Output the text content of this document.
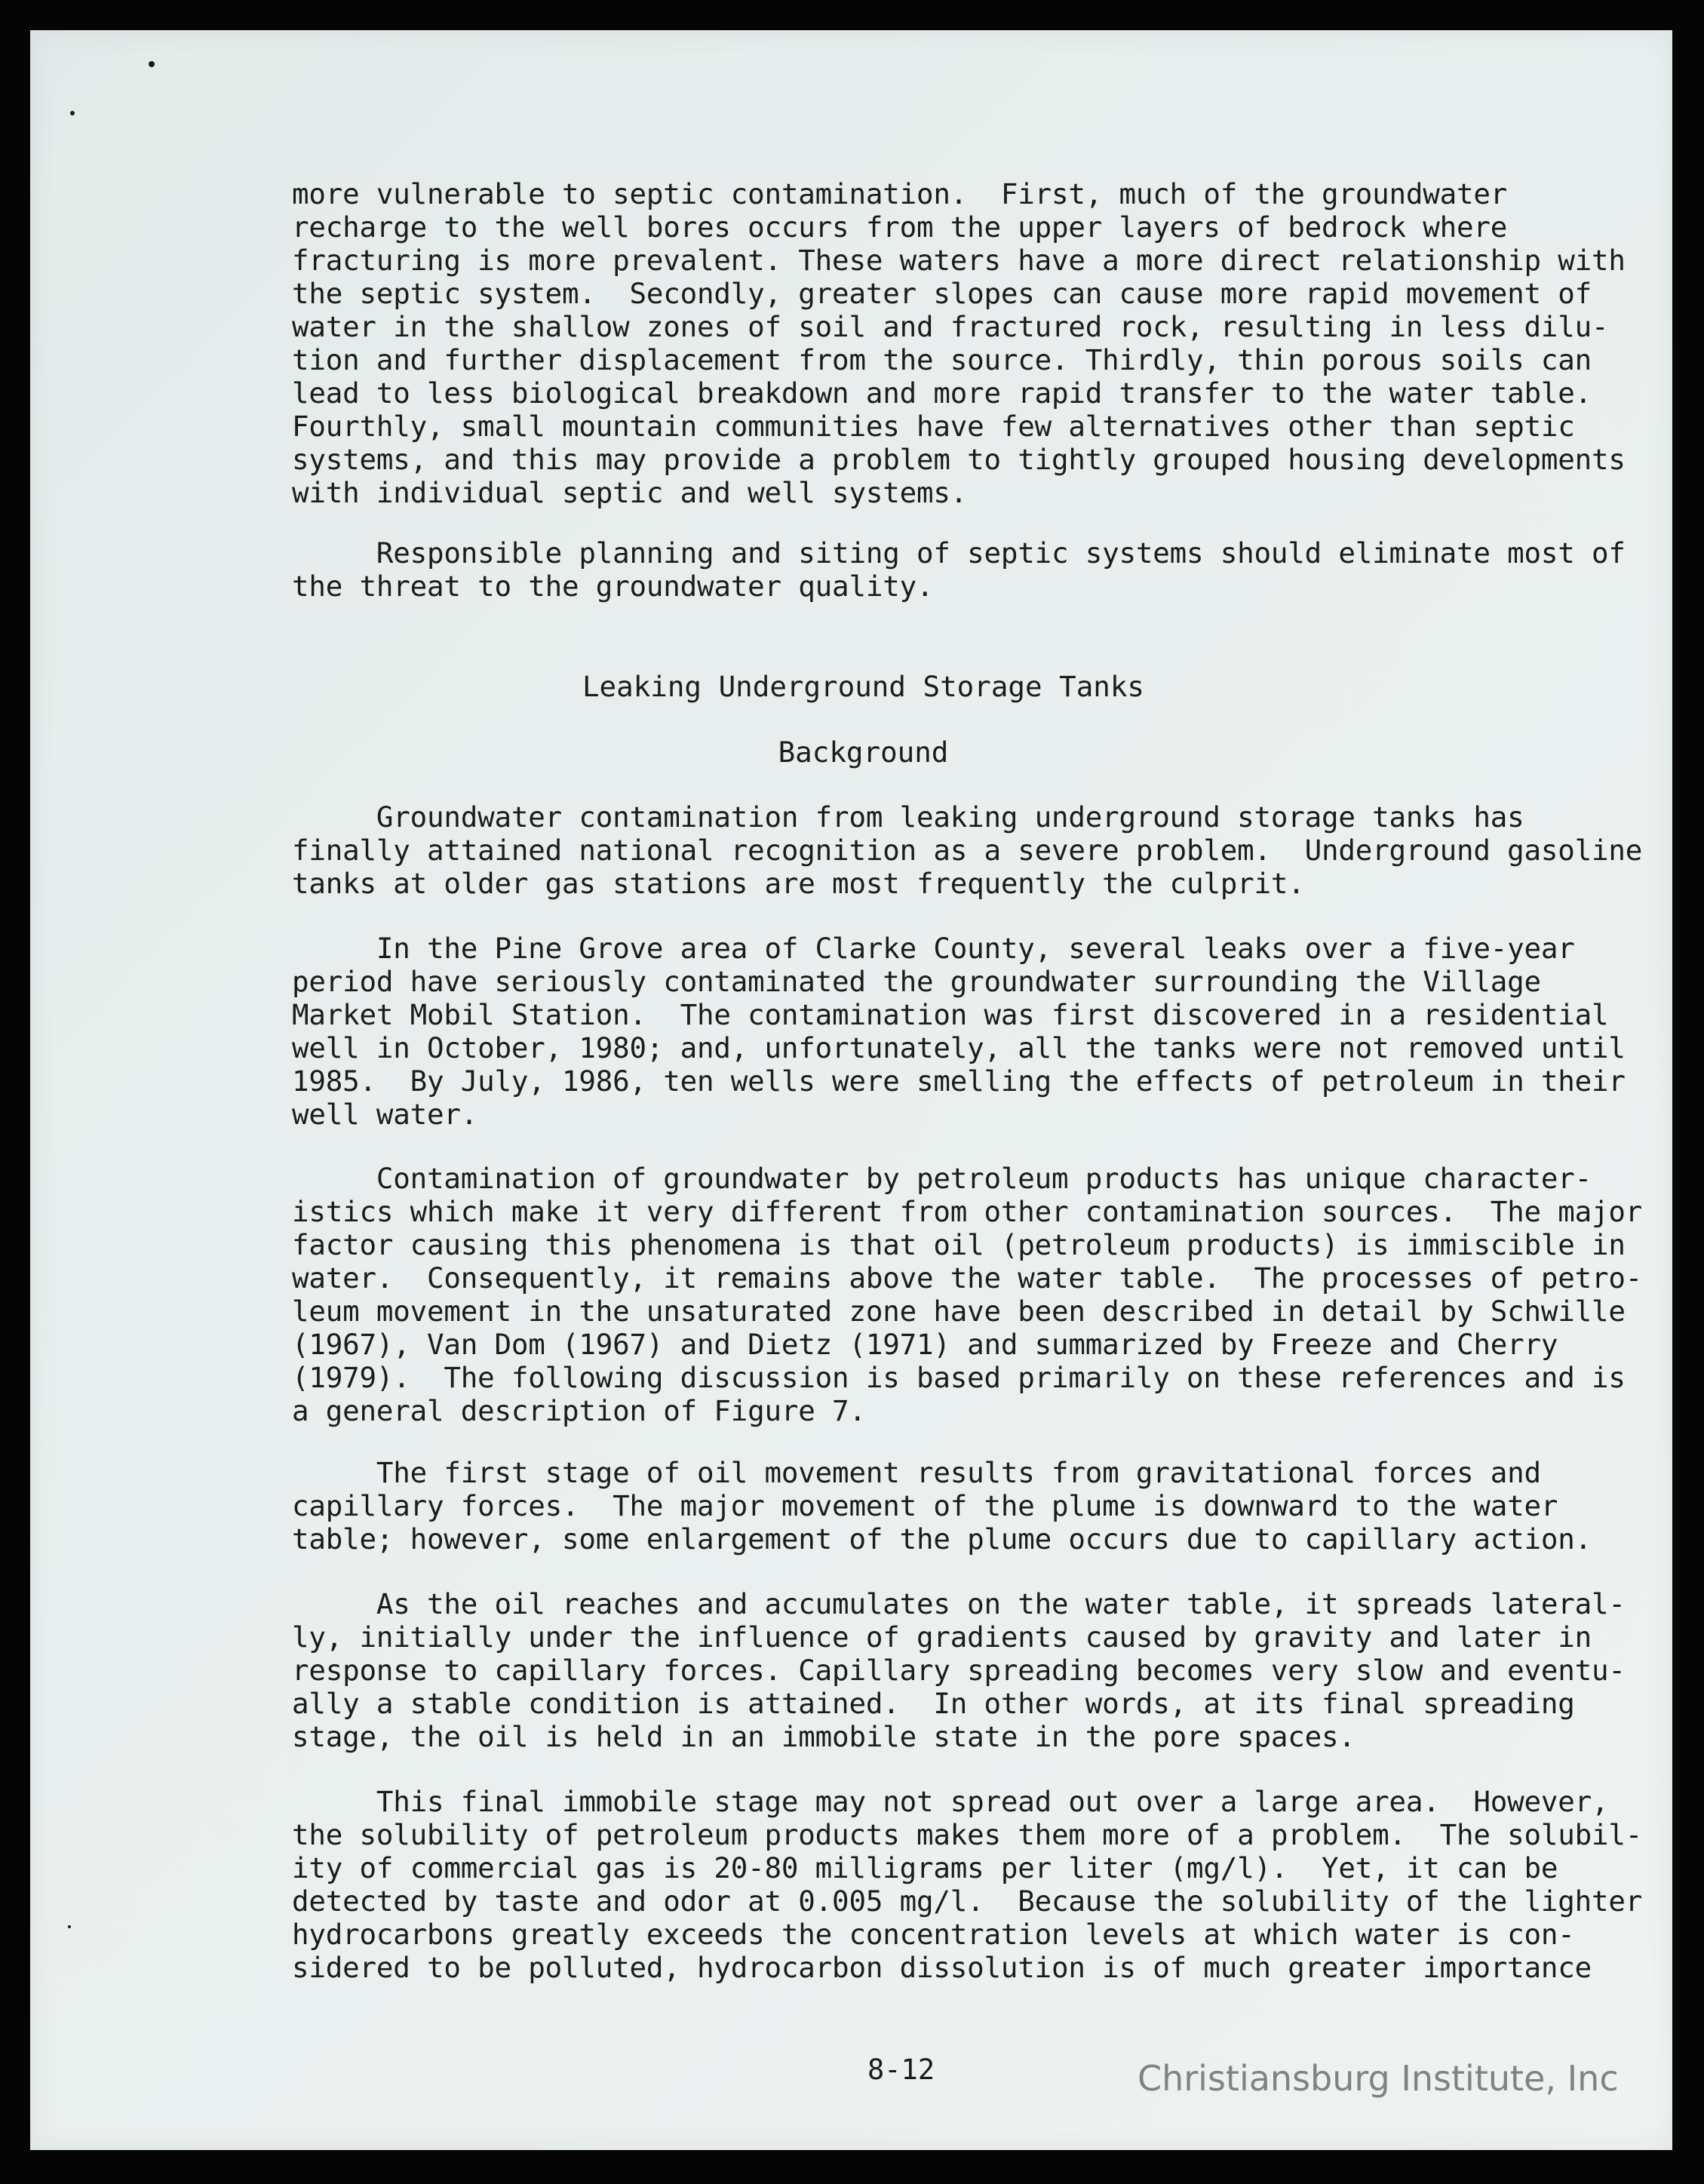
more vulnerable to septic contamination.  First, much of the groundwater
recharge to the well bores occurs from the upper layers of bedrock where
fracturing is more prevalent. These waters have a more direct relationship
the septic system.  Secondly, greater slopes can cause more rapid movement of
water in the shallow zones of soil and fractured rock, resulting in less dilu-
tion and further displacement from the source. Thirdly, thin porous soils can
lead to less biological breakdown and more rapid transfer to the water table.
Fourthly, small mountain communities have few alternatives other than septic
systems, and this may provide a problem to tightly grouped housing developments
with individual septic and well systems.
Responsible planning and siting of septic systems should eliminate most
the threat to the groundwater quality.
Leaking Underground Storage Tanks
Background
Groundwater contamination from leaking underground storage tanks has
finally attained national recognition as a severe problem.  Underground gasoline
tanks at older gas stations are most frequently the culprit.
In the Pine Grove area of Clarke County, several leaks over a five-year
period have seriously contaminated the groundwater surrounding the Village
Market Mobil Station.  The contamination was first discovered in a residential
well in October, 1980; and, unfortunately, all the tanks were not removed until
1985.  By July, 1986, ten wells were smelling the effects of petroleum in their
well water.
Contamination of groundwater by petroleum products has unique character-
istics which make it very different from other contamination sources.  The
factor causing this phenomena is that oil (petroleum products) is immiscible
water.  Consequently, it remains above the water table.  The processes of
leum movement in the unsaturated zone have been described in detail by Schwille
(1967), Van Dom (1967) and Dietz (1971) and summarized by Freeze and Cherry
(1979).  The following discussion is based primarily on these references and
a general description of Figure 7.
The first stage of oil movement results from gravitational forces and
capillary forces.  The major movement of the plume is downward to the water
table; however, some enlargement of the plume occurs due to capillary action.
As the oil reaches and accumulates on the water table, it spreads lateral-
ly, initially under the influence of gradients caused by gravity and later in
response to capillary forces. Capillary spreading becomes very slow and eventu-
ally a stable condition is attained.  In other words, at its final spreading
stage, the oil is held in an immobile state in the pore spaces.
This final immobile stage may not spread out over a large area.  However,
the solubility of petroleum products makes them more of a problem.  The solubil-
ity of commercial gas is 20-80 milligrams per liter (mg/l).  Yet, it can be
detected by taste and odor at 0.005 mg/l.  Because the solubility of the lighter
hydrocarbons greatly exceeds the concentration levels at which water is con-
sidered to be polluted, hydrocarbon dissolution is of much greater importance
8-12	Christiansburg Institute, Inc
